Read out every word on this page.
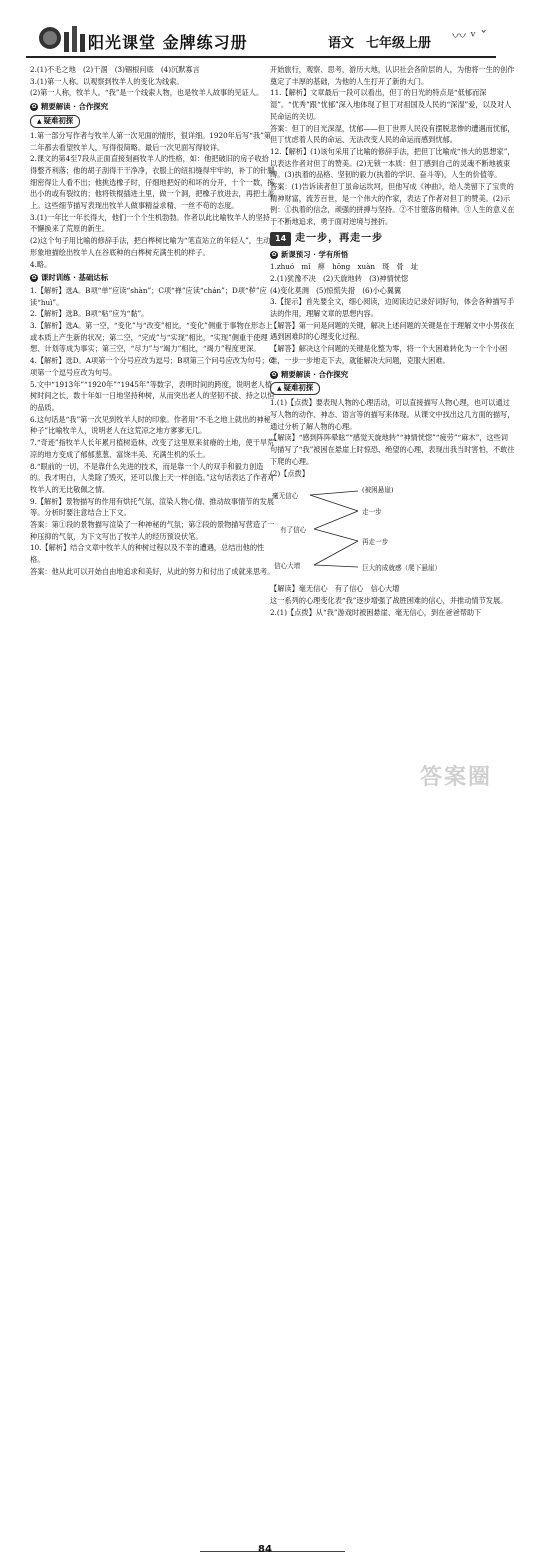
阳光课堂 金牌练习册	语文 七年级上册 〰 ᵛ ˇ

2.(1)不毛之地　(2)干涸　(3)锢根问底　(4)沉默寡言

3.(1)第一人称。以观察到牧羊人的变化为线索。

(2)第一人称，牧羊人。“我”是一个线索人物，也是牧羊人故事的见证人。

✿ 精要解读 · 合作探究
▲ 疑难初探

1.第一部分写作者与牧羊人第一次见面的情形，很详细。1920年后写“我”第二年都去看望牧羊人，写得很简略。最后一次见面写得较详。

2.课文的第4至7段从正面直接刻画牧羊人的性格，如：他把破旧的房子收拾得整齐利落；他的胡子刮得干干净净，衣服上的纽扣缝得牢牢的，补丁的针脚细密得让人看不出；他挑选橡子时，仔细地把好的和坏的分开，十个一数，拣出小的或有裂纹的；他将铁棍插进土里，做一个洞，把橡子放进去，再把土盖上。这些细节描写表现出牧羊人做事精益求精、一丝不苟的态度。

3.(1)一年比一年长得大，他们一个个生机勃勃。作者以此比喻牧羊人的坚持不懈换来了荒原的新生。

(2)这个句子用比喻的修辞手法，把白桦树比喻为“笔直站立的年轻人”，生动形象地描绘出牧羊人在谷底种的白桦树充满生机的样子。

4.略。

✿ 课时训练 · 基础达标

1.【解析】选A。B项“单”应读“shàn”；C项“禅”应读“chán”；D项“秽”应读“huì”。

2.【解析】选B。B项“粘”应为“黏”。

3.【解析】选A。第一空，“变化”与“改变”相比，“变化”侧重于事物在形态上或本质上产生新的状况；第二空，“完成”与“实现”相比，“实现”侧重于使理想、计划等成为事实；第三空，“尽力”与“竭力”相比，“竭力”程度更深。

4.【解析】选D。A项第一个分号应改为逗号；B项第三个问号应改为句号；C项第一个逗号应改为句号。

5.文中“1913年”“1920年”“1945年”等数字，表明时间的跨度，说明老人植树时间之长，数十年如一日地坚持种树，从而突出老人的坚韧不拔、持之以恒的品质。

6.这句话是“我”第一次见到牧羊人时的印象。作者用“不毛之地上就出的神秘种子”比喻牧羊人，说明老人在这荒凉之地方寥寥无几。

7.“奇迹”指牧羊人长年累月植树造林，改变了这里原来贫瘠的土地，使干旱荒凉的地方变成了郁郁葱葱、富饶丰美、充满生机的乐土。

8.“眼前的一切，不是靠什么先进的技术，而是靠一个人的双手和毅力创造的。我才明白，人类除了毁灭，还可以像上天一样创造。”这句话表达了作者对牧羊人的无比敬佩之情。

9.【解析】景物描写的作用有烘托气氛、渲染人物心情、推动故事情节的发展等。分析时要注意结合上下文。

答案：第①段的景物描写渲染了一种神秘的气氛；第②段的景物描写营造了一种压抑的气氛，为下文写出了牧羊人的经历预设伏笔。

10.【解析】结合文章中牧羊人的种树过程以及不幸的遭遇，总结出他的性格。

答案：他从此可以开始自由地追求和美好，从此的努力和付出了成就来思考。

开始旅行，观察、思考，游历大地，认识社会各阶层的人，为他将一生的创作奠定了丰厚的基础，为他的人生打开了新的大门。

11.【解析】文章最后一段可以看出，但丁的日光的特点是“低郁而深湿”。“优秀”跟“忧郁”深入地体现了但丁对祖国及人民的“深湿”爱，以及对人民命运的关切。

答案：但丁的目光深湿，忧郁——但丁世界人民没有摆脱悲惨的遭遇而忧郁，但丁忧虑着人民的命运、无法改变人民的命运而感到忧郁。

12.【解析】(1)该句采用了比喻的修辞手法，把但丁比喻成“伟大的思想家”，以表达作者对但丁的赞美。(2)无锁一本质：但丁感到自己的灵魂不断地被束缚。(3)执着的品格、坚韧的毅力(执着的学识、奋斗等)，人生的价值等。

答案：(1)告诉读者但丁虽命运坎坷，但他写成《神曲》，给人类留下了宝贵的精神财富，流芳百世，是一个伟大的作家，表达了作者对但丁的赞美。(2)示例：①执着的信念，顽强的拼搏与坚持。②不甘堕落的精神。③人生的意义在于不断地追求，勇于面对逆境与挫折。

14 走一步，再走一步
✿ 新课预习 · 学有所悟

1.zhuó　mǐ　痹　hōng　xuàn　斑　骨　址

2.(1)犹豫不决　(2)天旋地转　(3)神情恍惚

(4)变化莫测　(5)惊慌失措　(6)小心翼翼

3.【提示】首先要全文，细心阅读，边阅读边记录好词好句，体会各种描写手法的作用，理解文章的思想内容。

【解答】第一问是问题的关键，解决上述问题的关键是在于理解文中小男孩在遇到困难时的心理变化过程。

【解答】解决这个问题的关键是化整为零，将一个大困难转化为一个个小困难，一步一步地走下去，就能解决大问题，克服大困难。

✿ 精要解读 · 合作探究
▲ 疑难初探

1.(1)【点拨】要表现人物的心理活动，可以直接描写人物心理，也可以通过写人物的动作、神态、语言等的描写来体现。从课文中找出这几方面的描写，通过分析了解人物的心理。

【解读】“感到阵阵晕眩”“感觉天旋地转”“神情恍惚”“疲劳”“麻木”，这些词句描写了“我”被困在悬崖上时惊恐、绝望的心理，表现出我当时害怕，不敢往下爬的心理。

(2)【点拨】

毫无信心
有了信心
信心大增
(被困悬崖)
走一步
再走一步
巨大的成就感（爬下悬崖）

【解读】毫无信心　有了信心　信心大增

这一系列的心理变化表“我”逐步增强了战胜困难的信心，并推动情节发展。

2.(1)【点拨】从“我”游戏时被困悬崖、毫无信心，到在爸爸帮助下

84
答案圈
